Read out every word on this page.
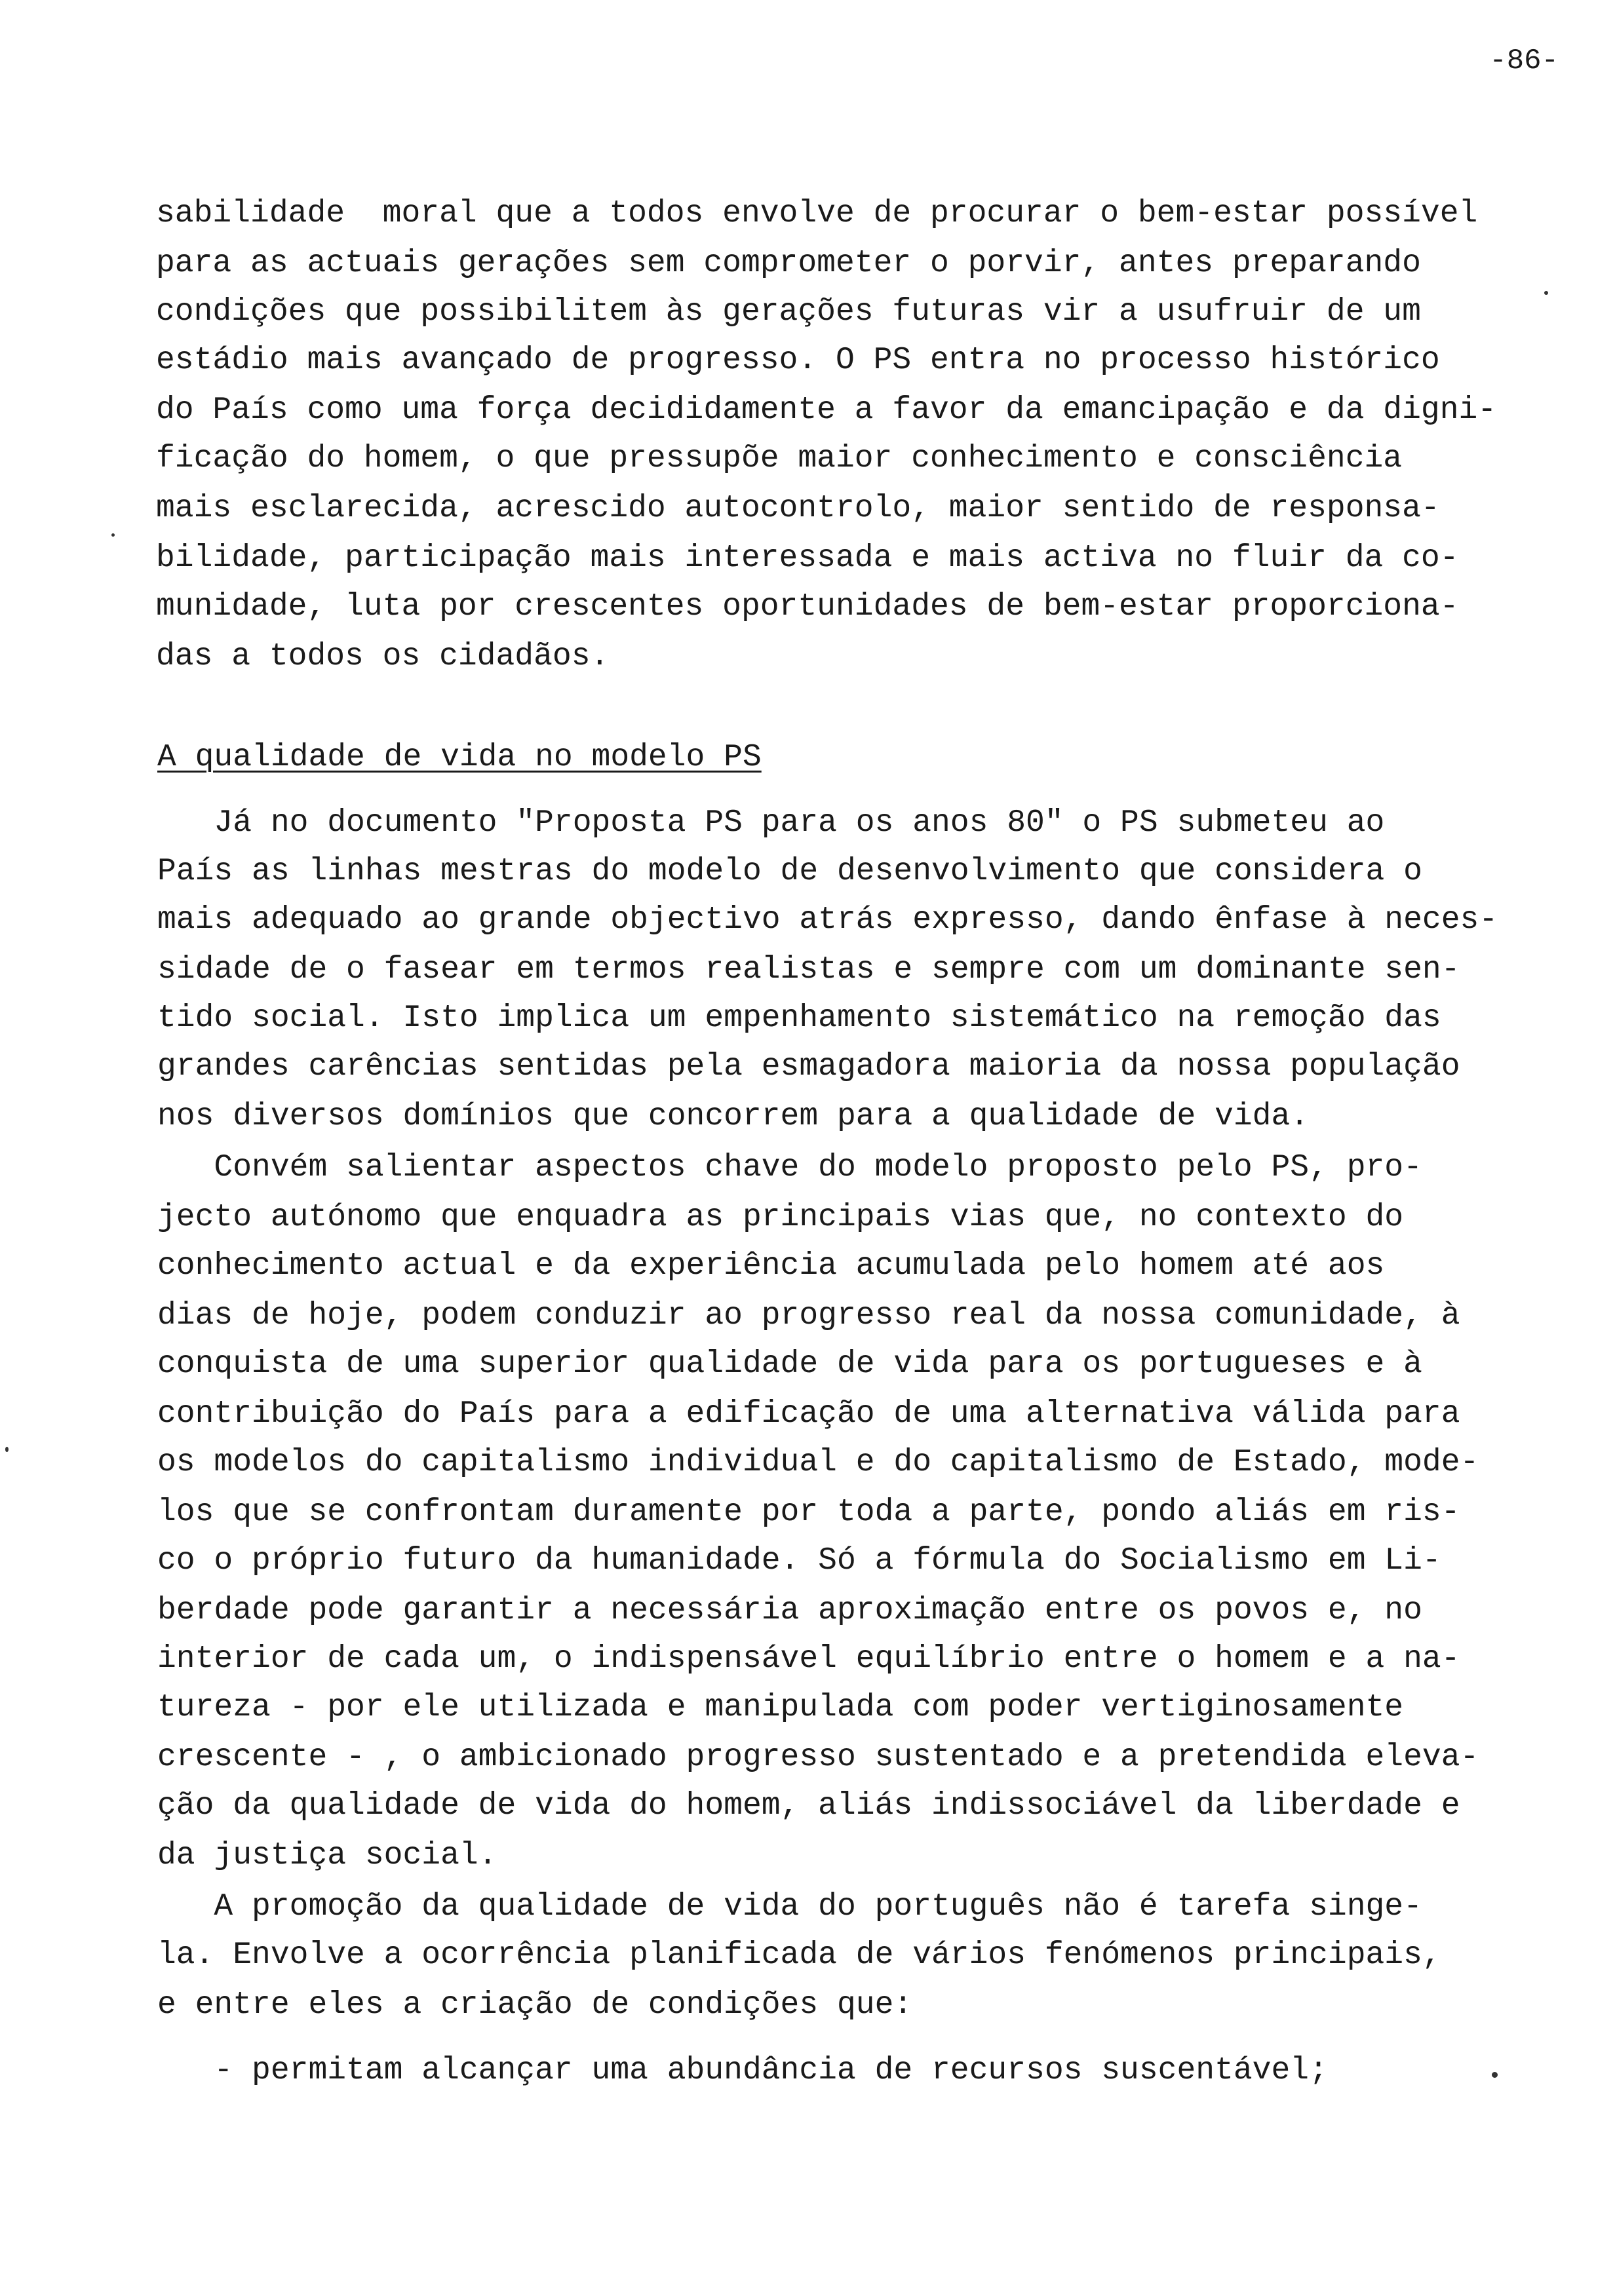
-86-
sabilidade  moral que a todos envolve de procurar o bem-estar possível
para as actuais gerações sem comprometer o porvir, antes preparando
condições que possibilitem às gerações futuras vir a usufruir de um
estádio mais avançado de progresso. O PS entra no processo histórico
do País como uma força decididamente a favor da emancipação e da digni-
ficação do homem, o que pressupõe maior conhecimento e consciência
mais esclarecida, acrescido autocontrolo, maior sentido de responsa-
bilidade, participação mais interessada e mais activa no fluir da co-
munidade, luta por crescentes oportunidades de bem-estar proporciona-
das a todos os cidadãos.
A qualidade de vida no modelo PS
Já no documento "Proposta PS para os anos 80" o PS submeteu ao
País as linhas mestras do modelo de desenvolvimento que considera o
mais adequado ao grande objectivo atrás expresso, dando ênfase à neces-
sidade de o fasear em termos realistas e sempre com um dominante sen-
tido social. Isto implica um empenhamento sistemático na remoção das
grandes carências sentidas pela esmagadora maioria da nossa população
nos diversos domínios que concorrem para a qualidade de vida.
Convém salientar aspectos chave do modelo proposto pelo PS, pro-
jecto autónomo que enquadra as principais vias que, no contexto do
conhecimento actual e da experiência acumulada pelo homem até aos
dias de hoje, podem conduzir ao progresso real da nossa comunidade, à
conquista de uma superior qualidade de vida para os portugueses e à
contribuição do País para a edificação de uma alternativa válida para
os modelos do capitalismo individual e do capitalismo de Estado, mode-
los que se confrontam duramente por toda a parte, pondo aliás em ris-
co o próprio futuro da humanidade. Só a fórmula do Socialismo em Li-
berdade pode garantir a necessária aproximação entre os povos e, no
interior de cada um, o indispensável equilíbrio entre o homem e a na-
tureza - por ele utilizada e manipulada com poder vertiginosamente
crescente - , o ambicionado progresso sustentado e a pretendida eleva-
ção da qualidade de vida do homem, aliás indissociável da liberdade e
da justiça social.
A promoção da qualidade de vida do português não é tarefa singe-
la. Envolve a ocorrência planificada de vários fenómenos principais,
e entre eles a criação de condições que:
- permitam alcançar uma abundância de recursos suscentável;
